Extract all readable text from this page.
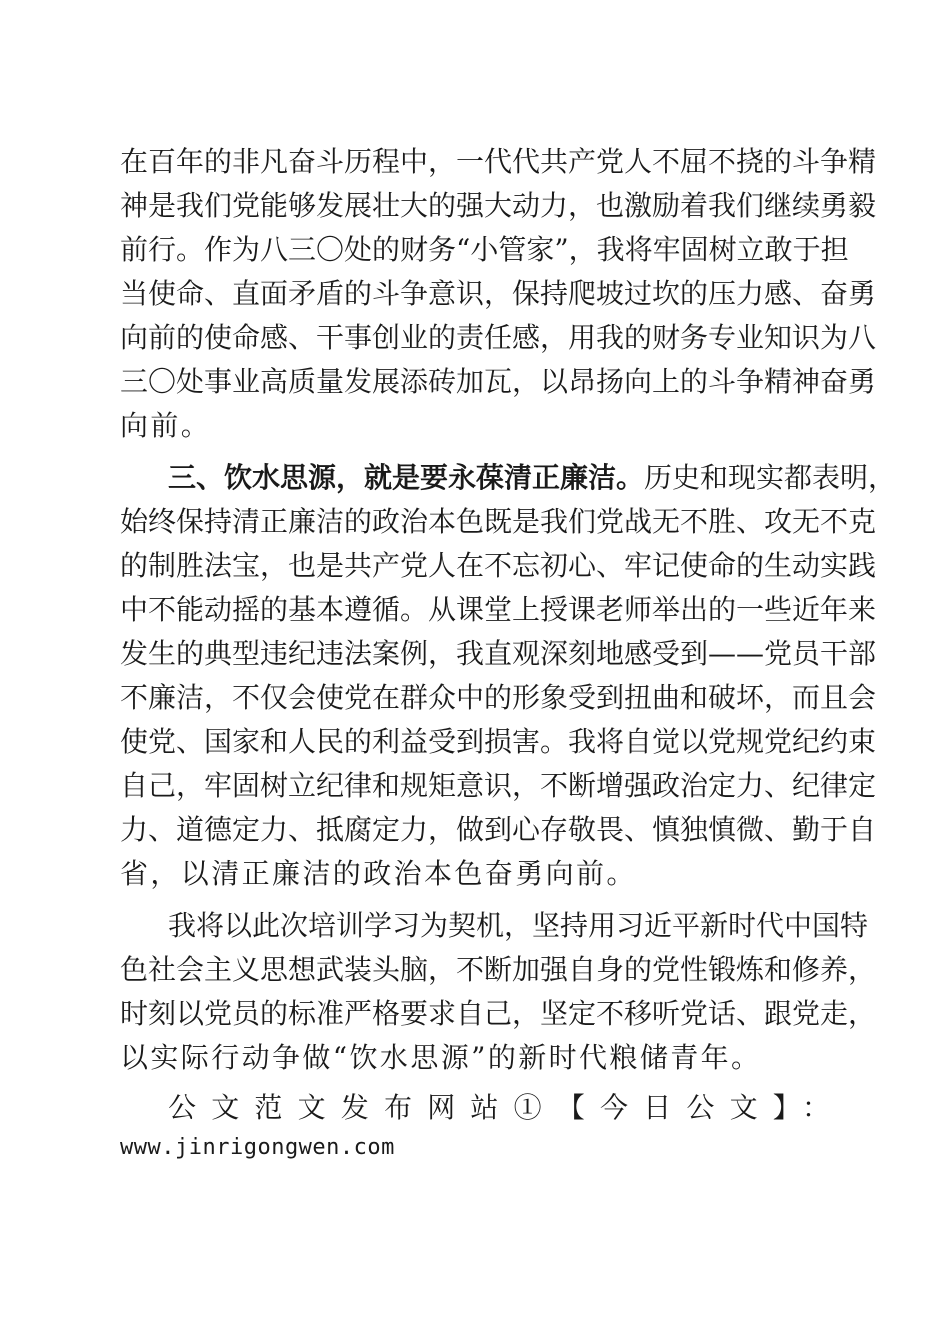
在百年的非凡奋斗历程中，一代代共产党人不屈不挠的斗争精
神是我们党能够发展壮大的强大动力，也激励着我们继续勇毅
前行。作为八三〇处的财务“小管家”，我将牢固树立敢于担
当使命、直面矛盾的斗争意识，保持爬坡过坎的压力感、奋勇
向前的使命感、干事创业的责任感，用我的财务专业知识为八
三〇处事业高质量发展添砖加瓦，以昂扬向上的斗争精神奋勇
向前。
三、饮水思源，就是要永葆清正廉洁。历史和现实都表明，
始终保持清正廉洁的政治本色既是我们党战无不胜、攻无不克
的制胜法宝，也是共产党人在不忘初心、牢记使命的生动实践
中不能动摇的基本遵循。从课堂上授课老师举出的一些近年来
发生的典型违纪违法案例，我直观深刻地感受到——党员干部
不廉洁，不仅会使党在群众中的形象受到扭曲和破坏，而且会
使党、国家和人民的利益受到损害。我将自觉以党规党纪约束
自己，牢固树立纪律和规矩意识，不断增强政治定力、纪律定
力、道德定力、抵腐定力，做到心存敬畏、慎独慎微、勤于自
省，以清正廉洁的政治本色奋勇向前。
我将以此次培训学习为契机，坚持用习近平新时代中国特
色社会主义思想武装头脑，不断加强自身的党性锻炼和修养，
时刻以党员的标准严格要求自己，坚定不移听党话、跟党走，
以实际行动争做“饮水思源”的新时代粮储青年。
公文范文发布网站①【今日公文】：
www.jinrigongwen.com
